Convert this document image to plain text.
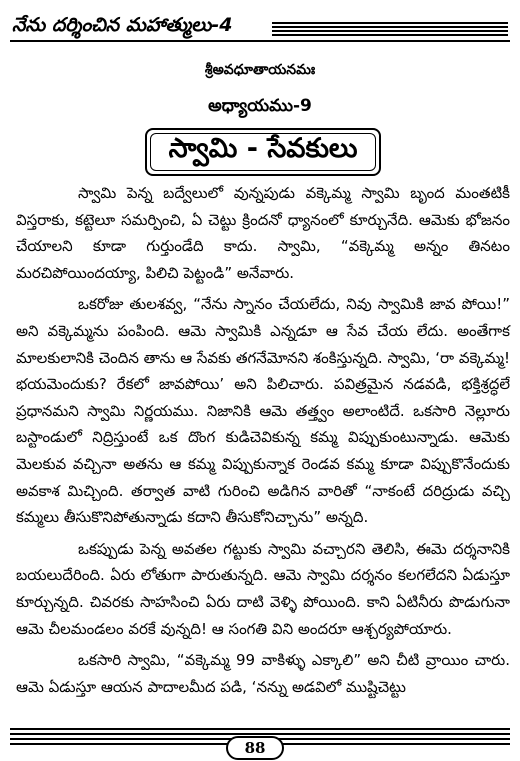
నేను దర్శించిన మహాత్ములు-4
శ్రీఅవధూతాయనమః
అధ్యాయము-9
స్వామి - సేవకులు

స్వామి పెన్న బద్వేలులో వున్నపుడు వక్కెమ్మ స్వామి బృంద మంతటికీ విస్తరాకు, కట్టెలూ సమర్పించి, ఏ చెట్టు క్రిందనో ధ్యానంలో కూర్చునేది. ఆమెకు భోజనం చేయాలని కూడా గుర్తుండేది కాదు. స్వామి, “వక్కెమ్మ అన్నం తినటం మరచిపోయిందయ్యా, పిలిచి పెట్టండి” అనేవారు.

ఒకరోజు తులశవ్వ, “నేను స్నానం చేయలేదు, నివు స్వామికి జావ పోయి!” అని వక్కెమ్మను పంపింది. ఆమె స్వామికి ఎన్నడూ ఆ సేవ చేయ లేదు. అంతేగాక మాలకులానికి చెందిన తాను ఆ సేవకు తగనేమోనని శంకిస్తున్నది. స్వామి, ‘రా వక్కెమ్మ! భయమెందుకు? రేకలో జావపోయి’ అని పిలిచారు. పవిత్రమైన నడవడి, భక్తిశ్రద్ధలే ప్రధానమని స్వామి నిర్ణయము. నిజానికి ఆమె తత్త్వం అలాంటిదే. ఒకసారి నెల్లూరు బస్టాండులో నిద్రిస్తుంటే ఒక దొంగ కుడిచెవికున్న కమ్మ విప్పుకుంటున్నాడు. ఆమెకు మెలకువ వచ్చినా అతను ఆ కమ్మ విప్పుకున్నాక రెండవ కమ్మ కూడా విప్పుకొనేందుకు అవకాశ మిచ్చింది. తర్వాత వాటి గురించి అడిగిన వారితో “నాకంటే దరిద్రుడు వచ్చి కమ్మలు తీసుకొనిపోతున్నాడు కదాని తీసుకోనిచ్చాను” అన్నది.

ఒకప్పుడు పెన్న అవతల గట్టుకు స్వామి వచ్చారని తెలిసి, ఈమె దర్శనానికి బయలుదేరింది. ఏరు లోతుగా పారుతున్నది. ఆమె స్వామి దర్శనం కలగలేదని ఏడుస్తూ కూర్చున్నది. చివరకు సాహసించి ఏరు దాటి వెళ్ళి పోయింది. కాని ఏటినీరు పొడుగునా ఆమె చీలమండలం వరకే వున్నది! ఆ సంగతి విని అందరూ ఆశ్చర్యపోయారు.

ఒకసారి స్వామి, “వక్కెమ్మ 99 వాకిళ్ళు ఎక్కాలి” అని చీటి వ్రాయిం చారు. ఆమె ఏడుస్తూ ఆయన పాదాలమీద పడి, ‘నన్ను అడవిలో ముష్టిచెట్టు

88
